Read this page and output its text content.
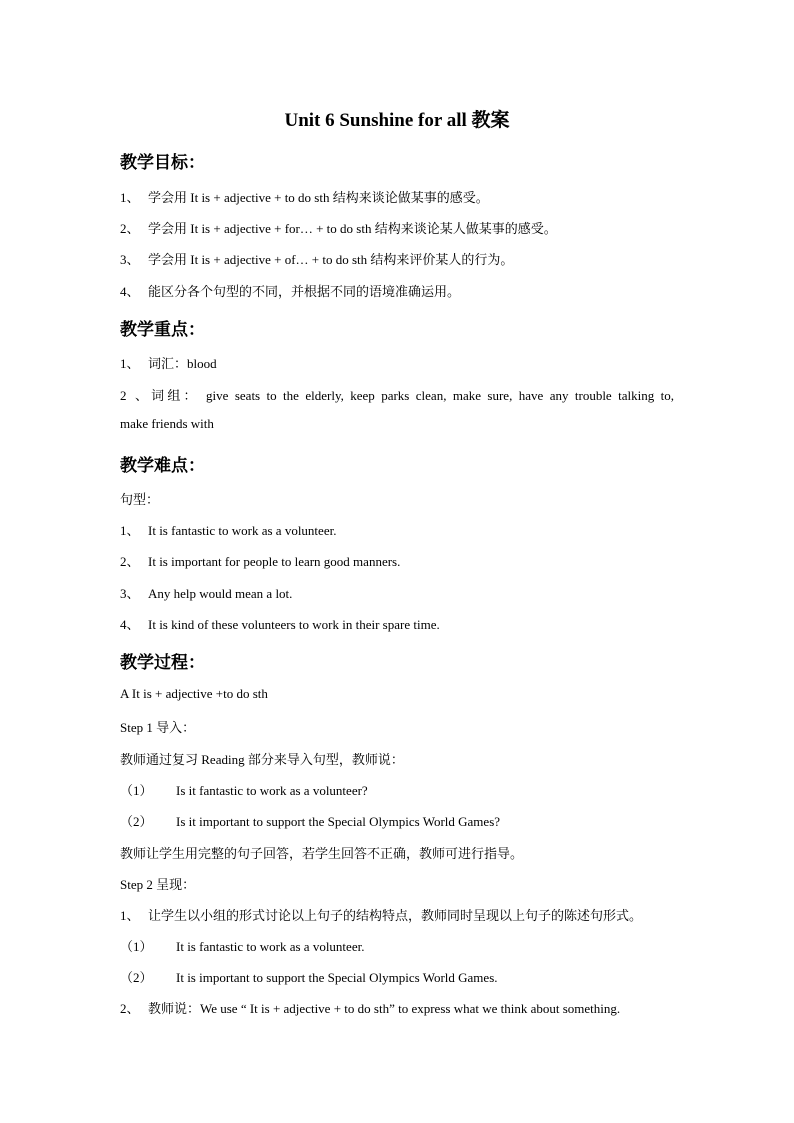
Unit 6 Sunshine for all 教案
教学目标：
1、 学会用 It is + adjective + to do sth 结构来谈论做某事的感受。
2、 学会用 It is + adjective + for… + to do sth 结构来谈论某人做某事的感受。
3、 学会用 It is + adjective + of… + to do sth 结构来评价某人的行为。
4、 能区分各个句型的不同，并根据不同的语境准确运用。
教学重点：
1、 词汇：blood
2、词组： give seats to the elderly, keep parks clean, make sure, have any trouble talking to,
make friends with
教学难点：
句型：
1、 It is fantastic to work as a volunteer.
2、 It is important for people to learn good manners.
3、 Any help would mean a lot.
4、 It is kind of these volunteers to work in their spare time.
教学过程：
A It is + adjective +to do sth
Step 1 导入：
教师通过复习 Reading 部分来导入句型，教师说：
（1） Is it fantastic to work as a volunteer?
（2） Is it important to support the Special Olympics World Games?
教师让学生用完整的句子回答，若学生回答不正确，教师可进行指导。
Step 2 呈现：
1、 让学生以小组的形式讨论以上句子的结构特点，教师同时呈现以上句子的陈述句形式。
（1） It is fantastic to work as a volunteer.
（2） It is important to support the Special Olympics World Games.
2、 教师说：We use “ It is + adjective + to do sth” to express what we think about something.
